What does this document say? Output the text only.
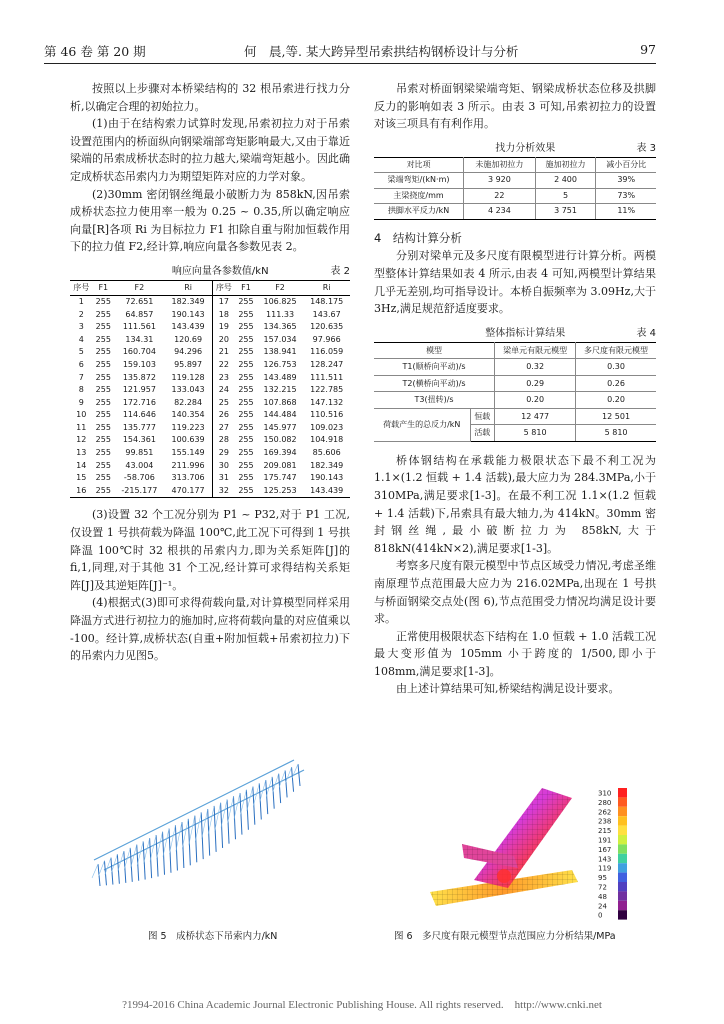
第 46 卷 第 20 期	何　晨,等. 某大跨异型吊索拱结构钢桥设计与分析	97

按照以上步骤对本桥梁结构的 32 根吊索进行找力分析,以确定合理的初始拉力。

(1)由于在结构索力试算时发现,吊索初拉力对于吊索设置范围内的桥面纵向钢梁端部弯矩影响最大,又由于靠近梁端的吊索成桥状态时的拉力越大,梁端弯矩越小。因此确定成桥状态吊索内力为期望矩阵对应的力学对象。

(2)30mm 密闭钢丝绳最小破断力为 858kN,因吊索成桥状态拉力使用率一般为 0.25 ~ 0.35,所以确定响应向量[R]各项 Ri 为目标拉力 F1 扣除自重与附加恒载作用下的拉力值 F2,经计算,响应向量各参数见表 2。

响应向量各参数值/kN	表 2
序号	F1	F2	Ri	序号	F1	F2	Ri
1	255	72.651	182.349	17	255	106.825	148.175
2	255	64.857	190.143	18	255	111.33	143.67
3	255	111.561	143.439	19	255	134.365	120.635
4	255	134.31	120.69	20	255	157.034	97.966
5	255	160.704	94.296	21	255	138.941	116.059
6	255	159.103	95.897	22	255	126.753	128.247
7	255	135.872	119.128	23	255	143.489	111.511
8	255	121.957	133.043	24	255	132.215	122.785
9	255	172.716	82.284	25	255	107.868	147.132
10	255	114.646	140.354	26	255	144.484	110.516
11	255	135.777	119.223	27	255	145.977	109.023
12	255	154.361	100.639	28	255	150.082	104.918
13	255	99.851	155.149	29	255	169.394	85.606
14	255	43.004	211.996	30	255	209.081	182.349
15	255	-58.706	313.706	31	255	175.747	190.143
16	255	-215.177	470.177	32	255	125.253	143.439

(3)设置 32 个工况分别为 P1 ~ P32,对于 P1 工况,仅设置 1 号拱荷载为降温 100℃,此工况下可得到 1 号拱降温 100℃时 32 根拱的吊索内力,即为关系矩阵[J]的 fi,1,同理,对于其他 31 个工况,经计算可求得结构关系矩阵[J]及其逆矩阵[J]⁻¹。

(4)根据式(3)即可求得荷载向量,对计算模型同样采用降温方式进行初拉力的施加时,应将荷载向量的对应值乘以 -100。经计算,成桥状态(自重+附加恒载+吊索初拉力)下的吊索内力见图5。

图 5　成桥状态下吊索内力/kN

吊索对桥面钢梁梁端弯矩、钢梁成桥状态位移及拱脚反力的影响如表 3 所示。由表 3 可知,吊索初拉力的设置对该三项具有有利作用。

找力分析效果	表 3
对比项	未施加初拉力	施加初拉力	减小百分比
梁端弯矩/(kN·m)	3 920	2 400	39%
主梁挠度/mm	22	5	73%
拱脚水平反力/kN	4 234	3 751	11%

4　结构计算分析

分别对梁单元及多尺度有限模型进行计算分析。两模型整体计算结果如表 4 所示,由表 4 可知,两模型计算结果几乎无差别,均可指导设计。本桥自振频率为 3.09Hz,大于 3Hz,满足规范舒适度要求。

整体指标计算结果	表 4
模型		梁单元有限元模型	多尺度有限元模型
T1(顺桥向平动)/s		0.32	0.30
T2(横桥向平动)/s		0.29	0.26
T3(扭转)/s		0.20	0.20
荷载产生的总反力/kN	恒载	12 477	12 501
	活载	5 810	5 810

桥体钢结构在承载能力极限状态下最不利工况为 1.1×(1.2 恒载 + 1.4 活载),最大应力为 284.3MPa,小于 310MPa,满足要求[1-3]。在最不利工况 1.1×(1.2 恒载 + 1.4 活载)下,吊索具有最大轴力,为 414kN。30mm 密封钢丝绳,最小破断拉力为 858kN,大于 818kN(414kN×2),满足要求[1-3]。

考察多尺度有限元模型中节点区域受力情况,考虑圣维南原理节点范围最大应力为 216.02MPa,出现在 1 号拱与桥面钢梁交点处(图 6),节点范围受力情况均满足设计要求。

正常使用极限状态下结构在 1.0 恒载 + 1.0 活载工况最大变形值为 105mm 小于跨度的 1/500,即小于 108mm,满足要求[1-3]。

由上述计算结果可知,桥梁结构满足设计要求。

310
280
262
238
215
191
167
143
119
95
72
48
24
0
图 6　多尺度有限元模型节点范围应力分析结果/MPa
?1994-2016 China Academic Journal Electronic Publishing House. All rights reserved.　http://www.cnki.net
